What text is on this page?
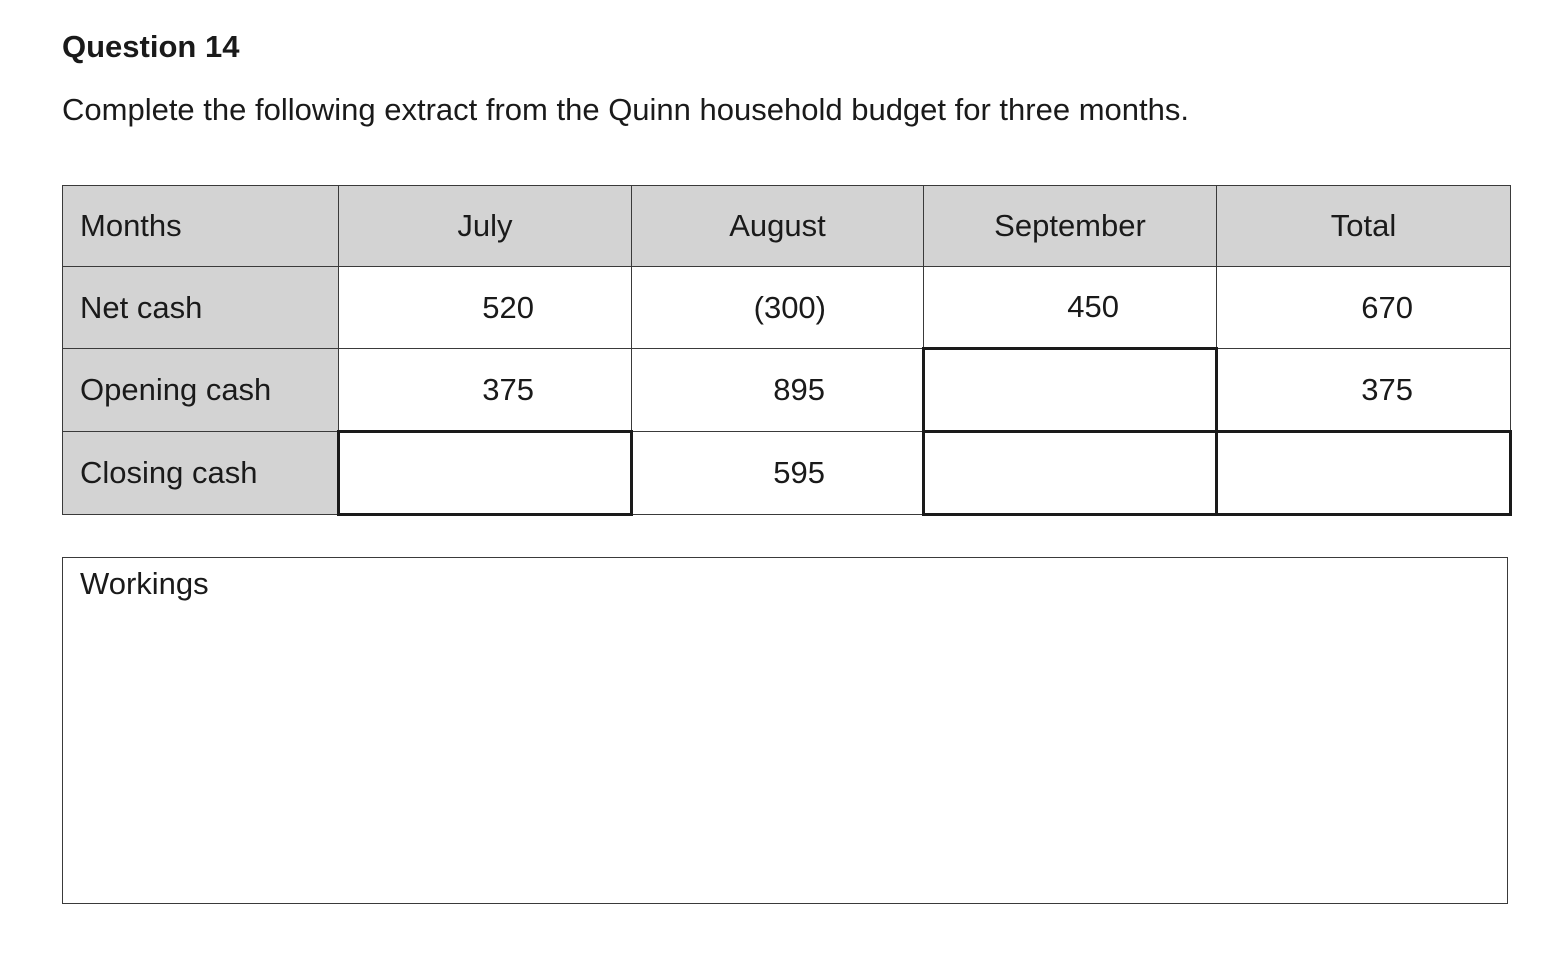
Question 14

Complete the following extract from the Quinn household budget for three months.

Months	July	August	September	Total
Net cash	520	(300)	450	670
Opening cash	375	895		375
Closing cash		595		
Workings
